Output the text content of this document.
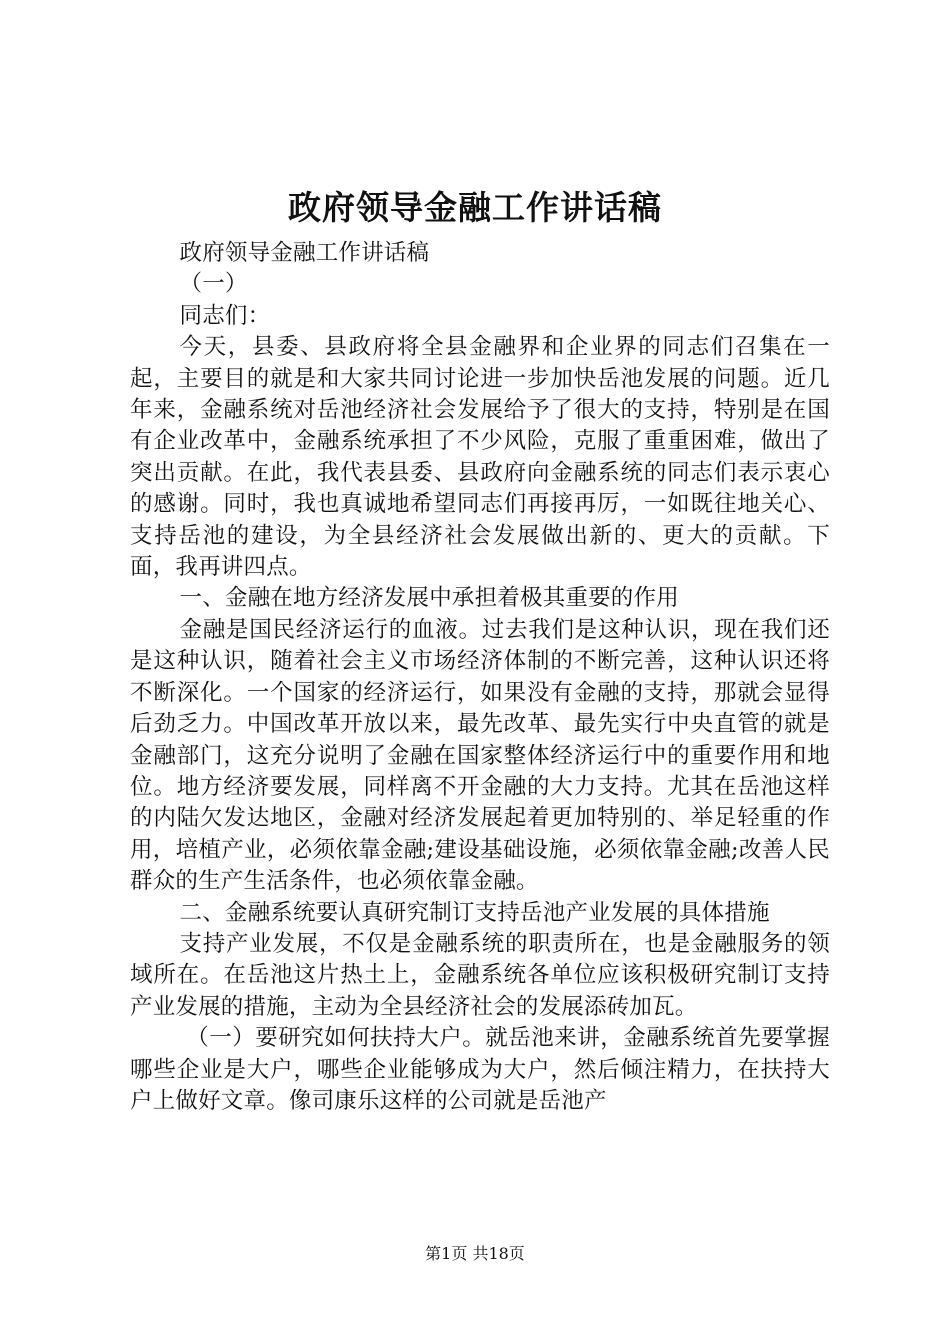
政府领导金融工作讲话稿

政府领导金融工作讲话稿

（一）

同志们：

今天，县委、县政府将全县金融界和企业界的同志们召集在一起，主要目的就是和大家共同讨论进一步加快岳池发展的问题。近几年来，金融系统对岳池经济社会发展给予了很大的支持，特别是在国有企业改革中，金融系统承担了不少风险，克服了重重困难，做出了突出贡献。在此，我代表县委、县政府向金融系统的同志们表示衷心的感谢。同时，我也真诚地希望同志们再接再厉，一如既往地关心、支持岳池的建设，为全县经济社会发展做出新的、更大的贡献。下面，我再讲四点。

一、金融在地方经济发展中承担着极其重要的作用

金融是国民经济运行的血液。过去我们是这种认识，现在我们还是这种认识，随着社会主义市场经济体制的不断完善，这种认识还将不断深化。一个国家的经济运行，如果没有金融的支持，那就会显得后劲乏力。中国改革开放以来，最先改革、最先实行中央直管的就是金融部门，这充分说明了金融在国家整体经济运行中的重要作用和地位。地方经济要发展，同样离不开金融的大力支持。尤其在岳池这样的内陆欠发达地区，金融对经济发展起着更加特别的、举足轻重的作用，培植产业，必须依靠金融;建设基础设施，必须依靠金融;改善人民群众的生产生活条件，也必须依靠金融。

二、金融系统要认真研究制订支持岳池产业发展的具体措施

支持产业发展，不仅是金融系统的职责所在，也是金融服务的领域所在。在岳池这片热土上，金融系统各单位应该积极研究制订支持产业发展的措施，主动为全县经济社会的发展添砖加瓦。

（一）要研究如何扶持大户。就岳池来讲，金融系统首先要掌握哪些企业是大户，哪些企业能够成为大户，然后倾注精力，在扶持大户上做好文章。像司康乐这样的公司就是岳池产

第1页 共18页
